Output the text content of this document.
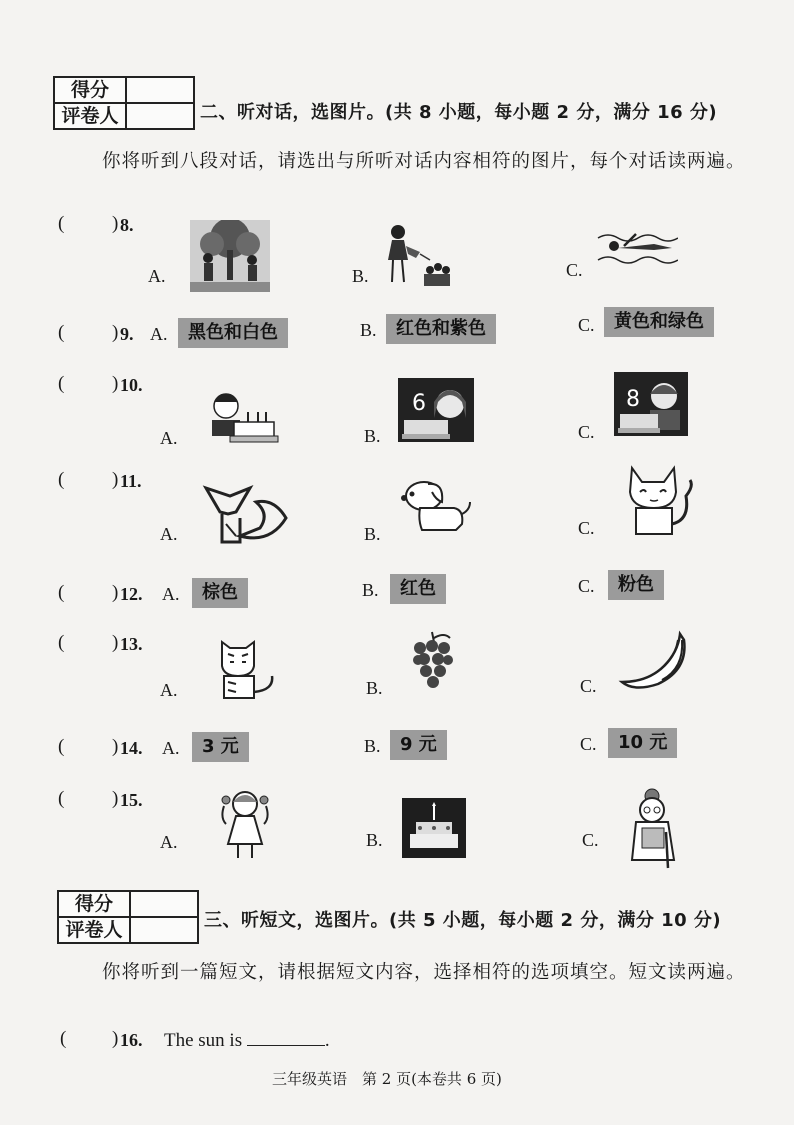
得分
评卷人	二、听对话，选图片。(共 8 小题，每小题 2 分，满分 16 分)
你将听到八段对话，请选出与所听对话内容相符的图片，每个对话读两遍。
(	) 8.
A.	B.	C.
(	) 9. A.	黑色和白色	B.	红色和紫色	C.	黄色和绿色
(	) 10.
A.	B.	C.
6	8
(	) 11.
A.	B.	C.
(	) 12. A.	棕色	B.	红色	C.	粉色
(	) 13.
A.	B.	C.
(	) 14. A.	3 元	B.	9 元	C.	10 元
(	) 15.
A.	B.	C.
得分
评卷人	三、听短文，选图片。(共 5 小题，每小题 2 分，满分 10 分)
你将听到一篇短文，请根据短文内容，选择相符的选项填空。短文读两遍。
( ) 16. The sun is	.
三年级英语　第 2 页(本卷共 6 页)
